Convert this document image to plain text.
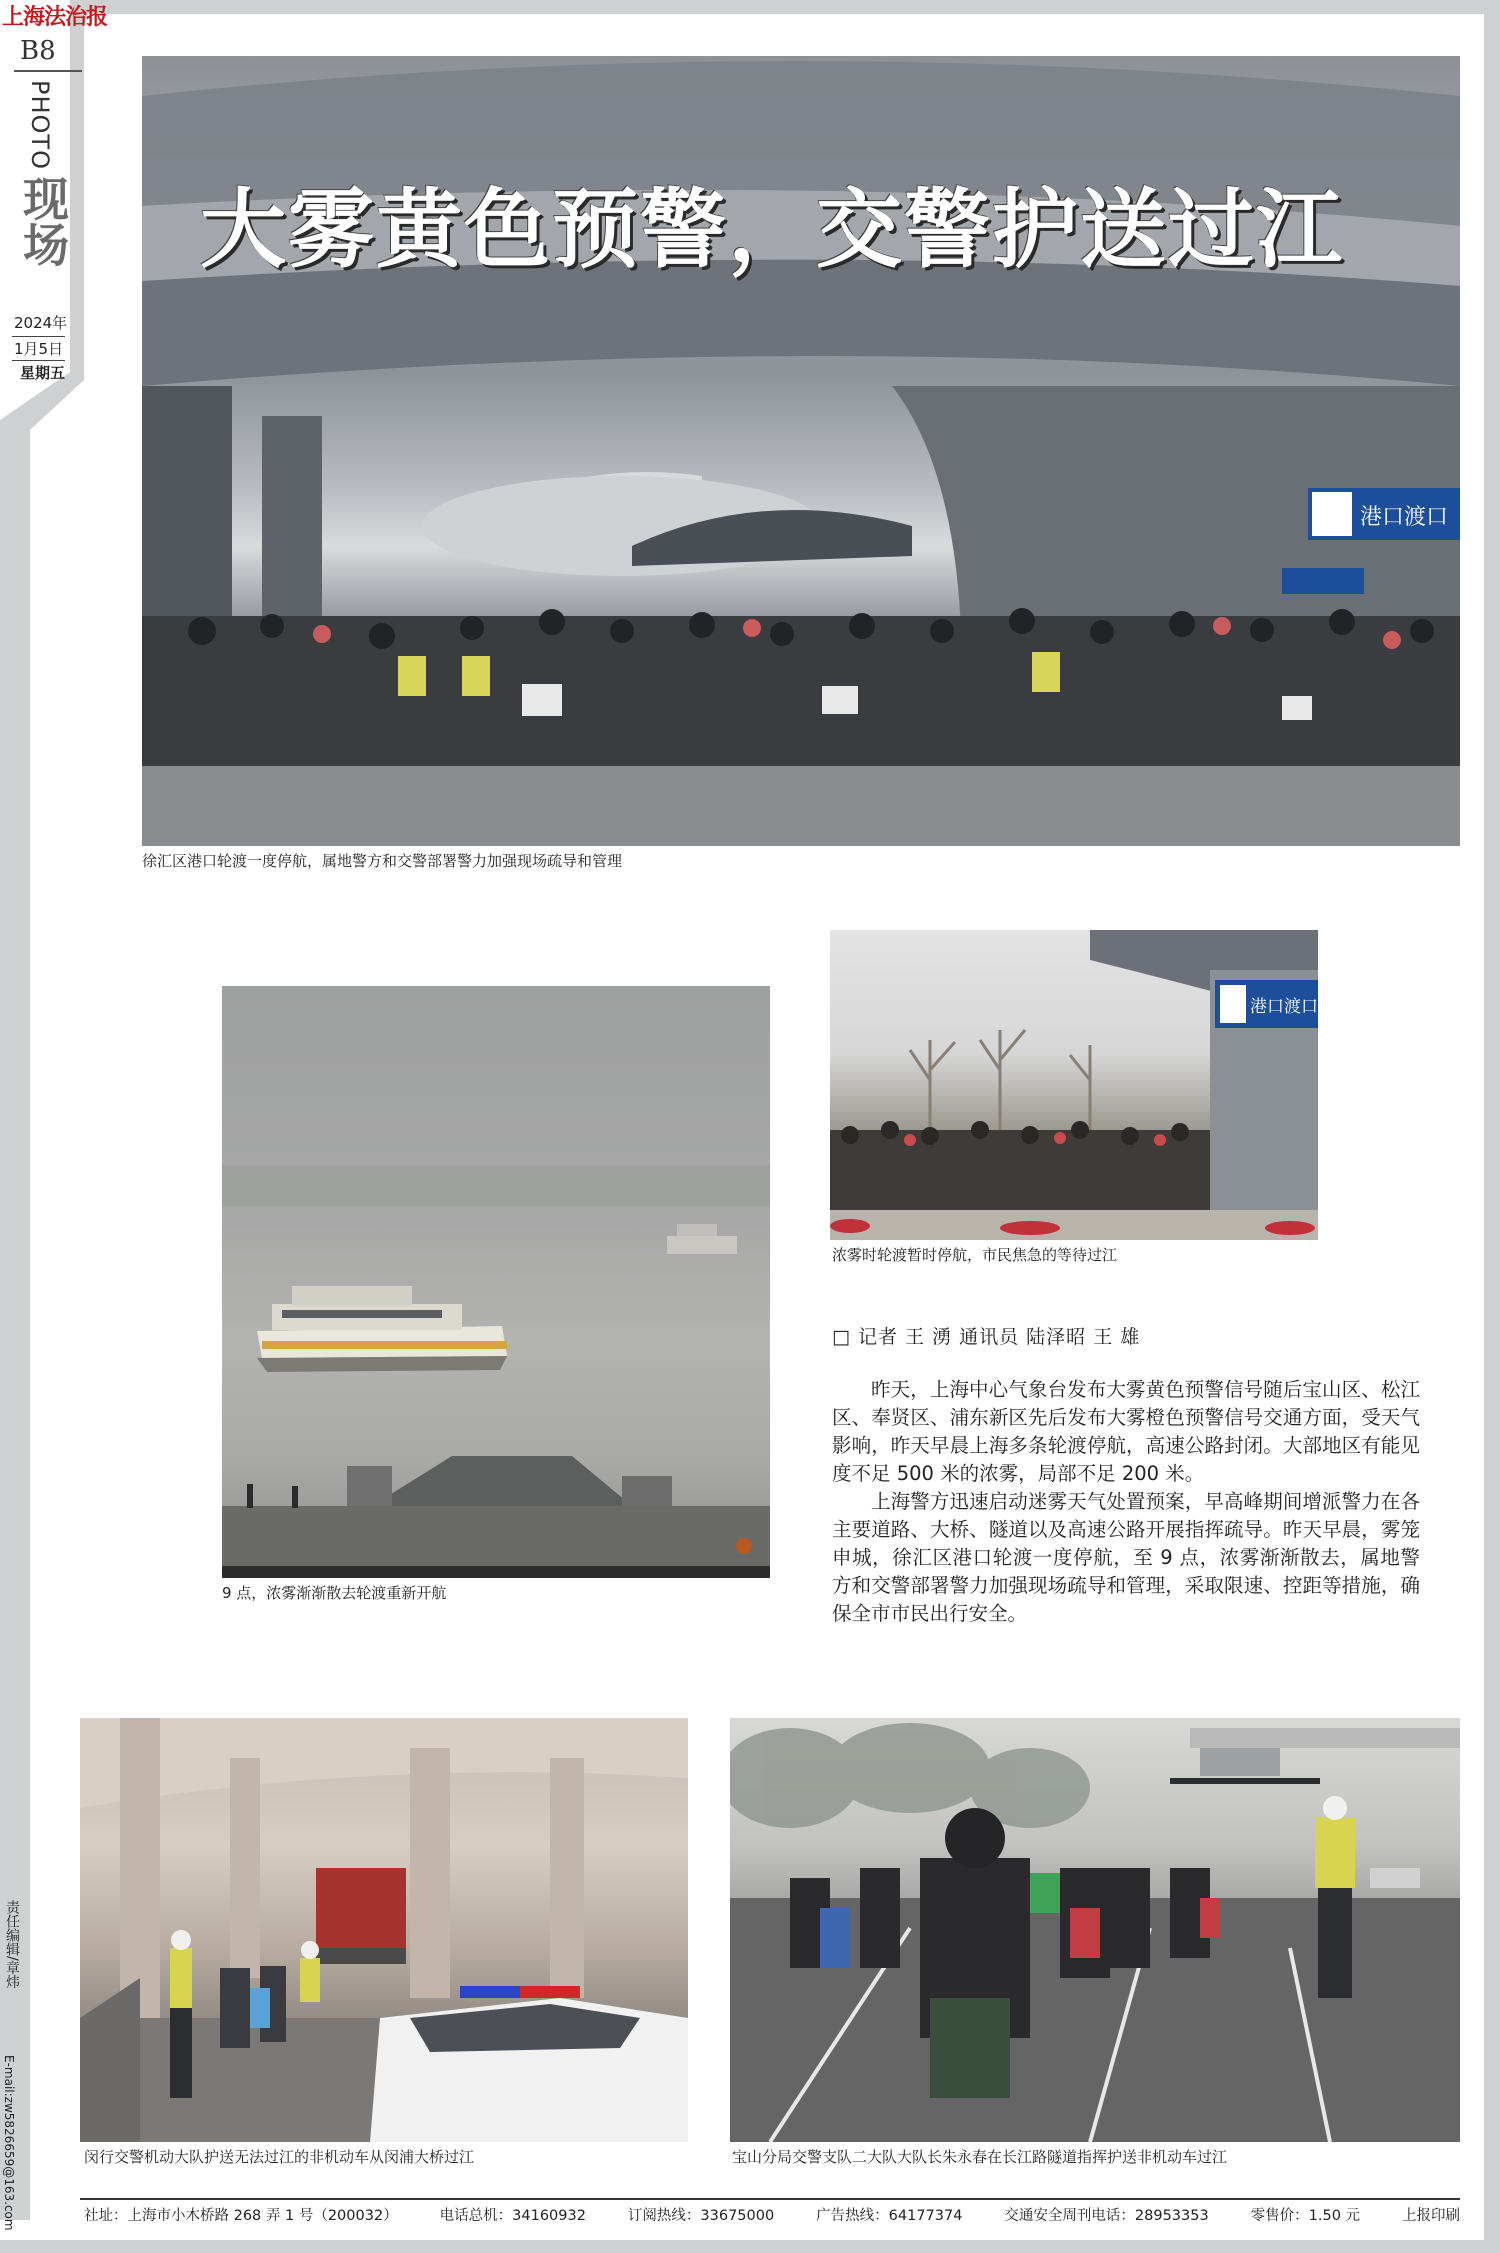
上海法治报
B8
PHOTO
现场
2024年
1月5日
星期五
责任编辑/章炜
E-mail:zw5826659@163.com
港口渡口
大雾黄色预警，交警护送过江
徐汇区港口轮渡一度停航，属地警方和交警部署警力加强现场疏导和管理
港口渡口
浓雾时轮渡暂时停航，市民焦急的等待过江
9 点，浓雾渐渐散去轮渡重新开航
□ 记者 王 湧 通讯员 陆泽昭 王 雄

昨天，上海中心气象台发布大雾黄色预警信号随后宝山区、松江区、奉贤区、浦东新区先后发布大雾橙色预警信号交通方面，受天气影响，昨天早晨上海多条轮渡停航，高速公路封闭。大部地区有能见度不足 500 米的浓雾，局部不足 200 米。

上海警方迅速启动迷雾天气处置预案，早高峰期间增派警力在各主要道路、大桥、隧道以及高速公路开展指挥疏导。昨天早晨，雾笼申城，徐汇区港口轮渡一度停航，至 9 点，浓雾渐渐散去，属地警方和交警部署警力加强现场疏导和管理，采取限速、控距等措施，确保全市市民出行安全。

闵行交警机动大队护送无法过江的非机动车从闵浦大桥过江	宝山分局交警支队二大队大队长朱永春在长江路隧道指挥护送非机动车过江
社址：上海市小木桥路 268 弄 1 号（200032）	电话总机：34160932	订阅热线：33675000	广告热线：64177374	交通安全周刊电话：28953353	零售价：1.50 元	上报印刷
